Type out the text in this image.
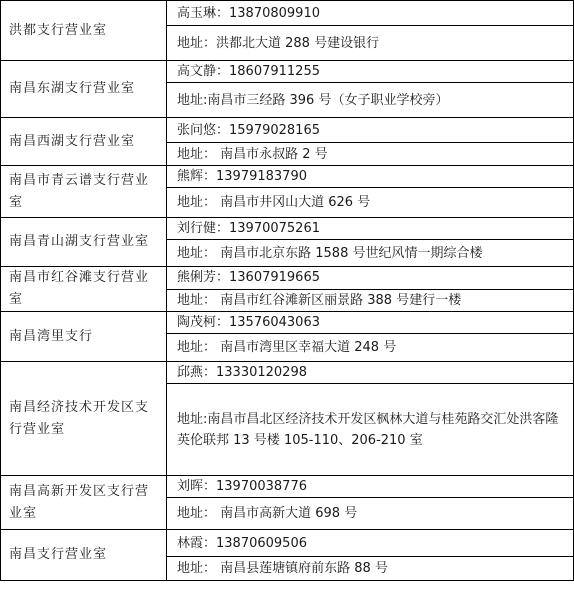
洪都支行营业室	高玉琳：13870809910
	地址：洪都北大道 288 号建设银行
南昌东湖支行营业室	高文静：18607911255
	地址:南昌市三经路 396 号（女子职业学校旁）
南昌西湖支行营业室	张问悠：15979028165
	地址： 南昌市永叔路 2 号
南昌市青云谱支行营业室	熊辉：13979183790
	地址： 南昌市井冈山大道 626 号
南昌青山湖支行营业室	刘行健：13970075261
	地址： 南昌市北京东路 1588 号世纪风情一期综合楼
南昌市红谷滩支行营业室	熊俐芳：13607919665
	地址： 南昌市红谷滩新区丽景路 388 号建行一楼
南昌湾里支行	陶茂柯：13576043063
	地址： 南昌市湾里区幸福大道 248 号
南昌经济技术开发区支行营业室	邱燕：13330120298
	地址:南昌市昌北区经济技术开发区枫林大道与桂苑路交汇处洪客隆英伦联邦 13 号楼 105-110、206-210 室
南昌高新开发区支行营业室	刘晖：13970038776
	地址： 南昌市高新大道 698 号
南昌支行营业室	林霞：13870609506
	地址： 南昌县莲塘镇府前东路 88 号
